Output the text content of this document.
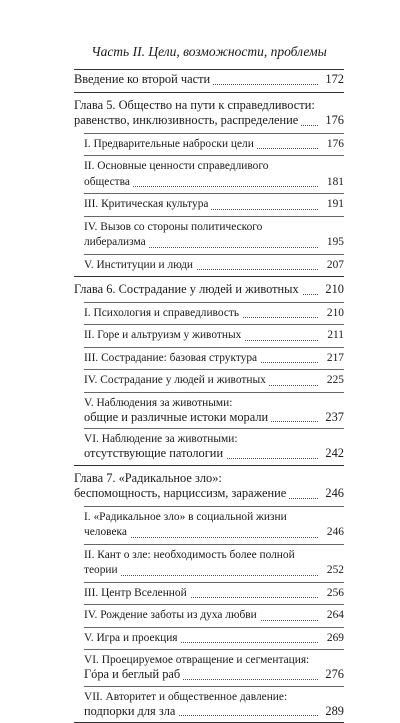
Часть II. Цели, возможности, проблемы
Введение ко второй части	172
Глава 5. Общество на пути к справедливости:
равенство, инклюзивность, распределение	176
I. Предварительные наброски цели	176
II. Основные ценности справедливого общества	181
III. Критическая культура	191
IV. Вызов со стороны политического либерализма	195
V. Институции и люди	207
Глава 6. Сострадание у людей и животных	210
I. Психология и справедливость	210
II. Горе и альтруизм у животных	211
III. Сострадание: базовая структура	217
IV. Сострадание у людей и животных	225
V. Наблюдения за животными:
общие и различные истоки морали	237
VI. Наблюдение за животными:
отсутствующие патологии	242
Глава 7. «Радикальное зло»:
беспомощность, нарциссизм, заражение	246
I. «Радикальное зло» в социальной жизни человека	246
II. Кант о зле: необходимость более полной теории	252
III. Центр Вселенной	256
IV. Рождение заботы из духа любви	264
V. Игра и проекция	269
VI. Проецируемое отвращение и сегментация:
Гóра и беглый раб	276
VII. Авторитет и общественное давление:
подпорки для зла	289
